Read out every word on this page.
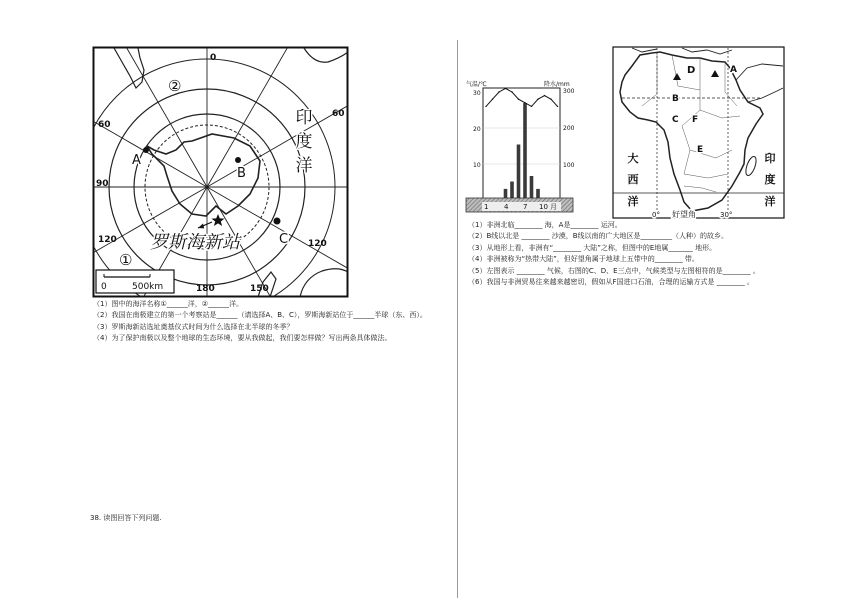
0
60
90
120
180	150
120
60
②
①
印
度
洋
A
B
C
罗斯海新站
0	500km
（1）图中的海洋名称①______洋，②______洋。
（2）我国在南极建立的第一个考察站是______（请选择A、B、C），罗斯海新站位于______半球（东、西）。
（3）罗斯海新站选址奠基仪式时间为什么选择在北半球的冬季？
（4）为了保护南极以及整个地球的生态环境，要从我做起，我们要怎样做？写出两条具体做法。
38. 读图回答下列问题.
气温/℃	降水/mm
30
20
10
300
200
100
1 4 7 10 月
A
D
B
C F
E
大
西
洋
印
度
洋
0° 好望角	30°
（1）非洲北临________ 海，A是________ 运河。
（2）B线以北是 ________ 沙漠，B线以南的广大地区是_________（人种）的故乡。
（3）从地形上看，非洲有“________ 大陆”之称，但图中的E地属_______ 地形。
（4）非洲被称为“热带大陆”，但好望角属于地球上五带中的________ 带。
（5）左图表示 ________ 气候，右图的C、D、E三点中，气候类型与左图相符的是________ 。
（6）我国与非洲贸易往来越来越密切，假如从F国进口石油，合理的运输方式是 ________ 。
